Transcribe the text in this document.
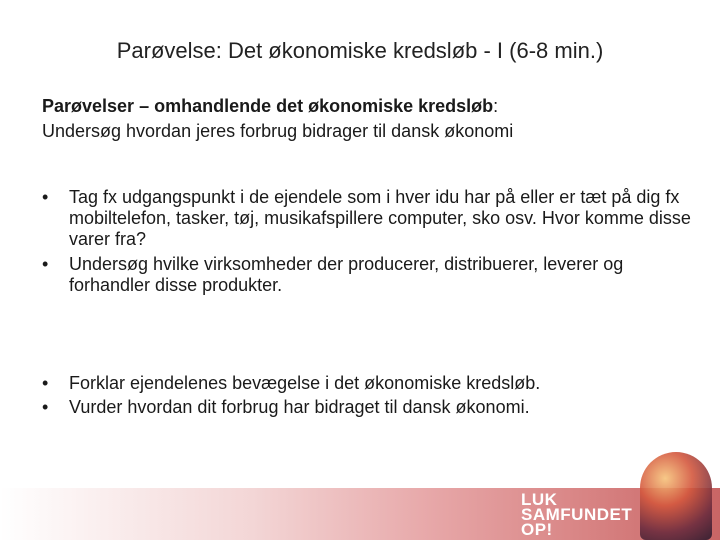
Parøvelse: Det økonomiske kredsløb - I (6-8 min.)
Parøvelser – omhandlende det økonomiske kredsløb:
Undersøg hvordan jeres forbrug bidrager til dansk økonomi
• Tag fx udgangspunkt i de ejendele som i hver idu har på eller er tæt på dig fx mobiltelefon, tasker, tøj, musikafspillere computer, sko osv. Hvor komme disse varer fra?
• Undersøg hvilke virksomheder der producerer, distribuerer, leverer og forhandler disse produkter.
• Forklar ejendelenes bevægelse i det økonomiske kredsløb.
• Vurder hvordan dit forbrug har bidraget til dansk økonomi.
LUK
SAMFUNDET
OP!
